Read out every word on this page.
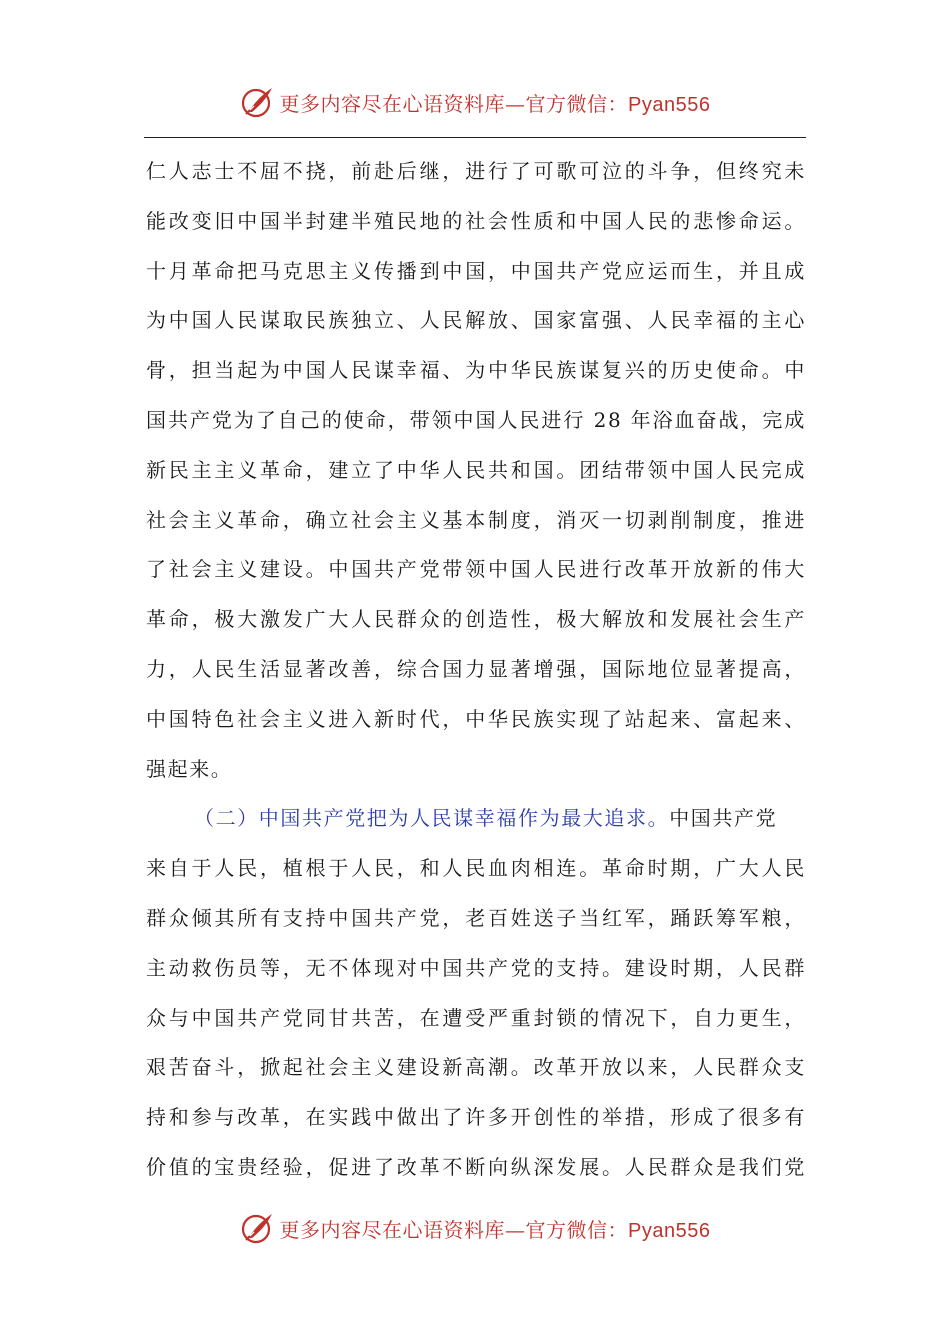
更多内容尽在心语资料库—官方微信：Pyan556
仁人志士不屈不挠，前赴后继，进行了可歌可泣的斗争，但终究未
能改变旧中国半封建半殖民地的社会性质和中国人民的悲惨命运。
十月革命把马克思主义传播到中国，中国共产党应运而生，并且成
为中国人民谋取民族独立、人民解放、国家富强、人民幸福的主心
骨，担当起为中国人民谋幸福、为中华民族谋复兴的历史使命。中
国共产党为了自己的使命，带领中国人民进行 28 年浴血奋战，完成
新民主主义革命，建立了中华人民共和国。团结带领中国人民完成
社会主义革命，确立社会主义基本制度，消灭一切剥削制度，推进
了社会主义建设。中国共产党带领中国人民进行改革开放新的伟大
革命，极大激发广大人民群众的创造性，极大解放和发展社会生产
力，人民生活显著改善，综合国力显著增强，国际地位显著提高，
中国特色社会主义进入新时代，中华民族实现了站起来、富起来、
强起来。
（二）中国共产党把为人民谋幸福作为最大追求。中国共产党
来自于人民，植根于人民，和人民血肉相连。革命时期，广大人民
群众倾其所有支持中国共产党，老百姓送子当红军，踊跃筹军粮，
主动救伤员等，无不体现对中国共产党的支持。建设时期，人民群
众与中国共产党同甘共苦，在遭受严重封锁的情况下，自力更生，
艰苦奋斗，掀起社会主义建设新高潮。改革开放以来，人民群众支
持和参与改革，在实践中做出了许多开创性的举措，形成了很多有
价值的宝贵经验，促进了改革不断向纵深发展。人民群众是我们党
更多内容尽在心语资料库—官方微信：Pyan556
